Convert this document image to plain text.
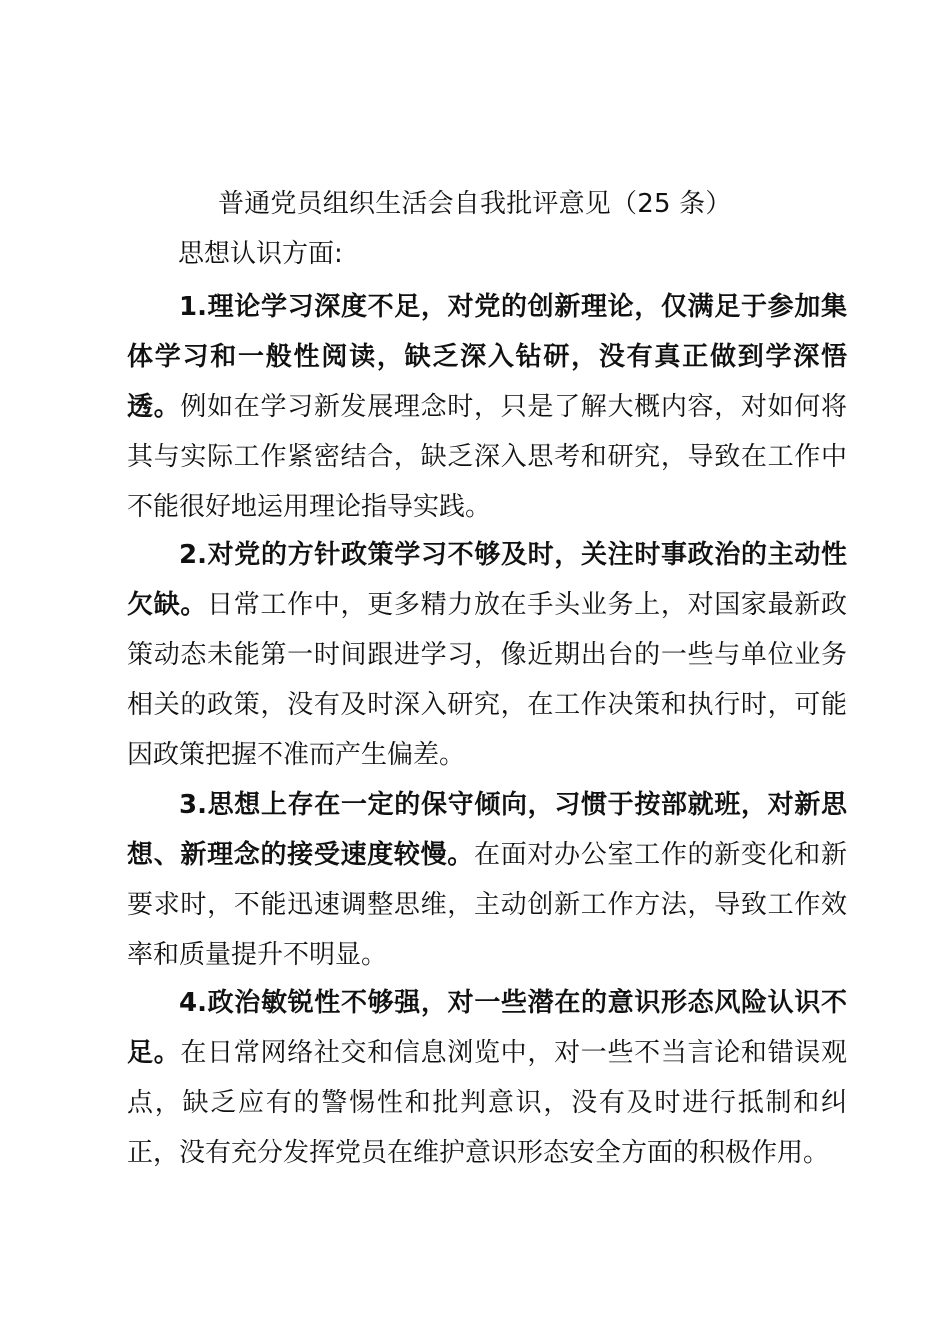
普通党员组织生活会自我批评意见（25 条）
思想认识方面:

1.理论学习深度不足，对党的创新理论，仅满足于参加集体学习和一般性阅读，缺乏深入钻研，没有真正做到学深悟透。例如在学习新发展理念时，只是了解大概内容，对如何将其与实际工作紧密结合，缺乏深入思考和研究，导致在工作中不能很好地运用理论指导实践。

2.对党的方针政策学习不够及时，关注时事政治的主动性欠缺。日常工作中，更多精力放在手头业务上，对国家最新政策动态未能第一时间跟进学习，像近期出台的一些与单位业务相关的政策，没有及时深入研究，在工作决策和执行时，可能因政策把握不准而产生偏差。

3.思想上存在一定的保守倾向，习惯于按部就班，对新思想、新理念的接受速度较慢。在面对办公室工作的新变化和新要求时，不能迅速调整思维，主动创新工作方法，导致工作效率和质量提升不明显。

4.政治敏锐性不够强，对一些潜在的意识形态风险认识不足。在日常网络社交和信息浏览中，对一些不当言论和错误观点，缺乏应有的警惕性和批判意识，没有及时进行抵制和纠正，没有充分发挥党员在维护意识形态安全方面的积极作用。
